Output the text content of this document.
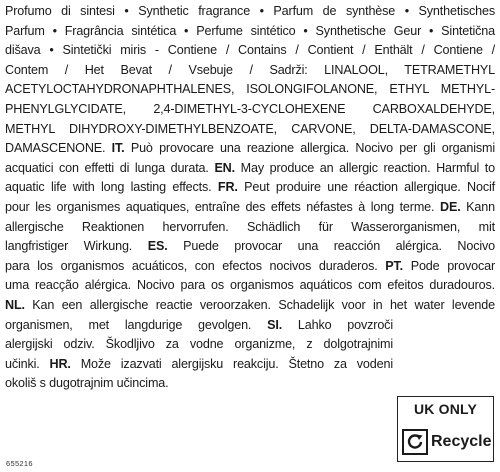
Profumo di sintesi • Synthetic fragrance • Parfum de synthèse • Synthetisches

Parfum • Fragrância sintética • Perfume sintético • Synthetische Geur • Sintetična

dišava • Sintetički miris - Contiene / Contains / Contient / Enthält / Contiene /

Contem / Het Bevat / Vsebuje / Sadrži: LINALOOL, TETRAMETHYL

ACETYLOCTAHYDRONAPHTHALENES, ISOLONGIFOLANONE, ETHYL METHYL-

PHENYLGLYCIDATE, 2,4-DIMETHYL-3-CYCLOHEXENE CARBOXALDEHYDE,

METHYL DIHYDROXY-DIMETHYLBENZOATE, CARVONE, DELTA-DAMASCONE,

DAMASCENONE. IT. Può provocare una reazione allergica. Nocivo per gli organismi

acquatici con effetti di lunga durata. EN. May produce an allergic reaction. Harmful to

aquatic life with long lasting effects. FR. Peut produire une réaction allergique. Nocif

pour les organismes aquatiques, entraîne des effets néfastes à long terme. DE. Kann

allergische Reaktionen hervorrufen. Schädlich für Wasserorganismen, mit

langfristiger Wirkung. ES. Puede provocar una reacción alérgica. Nocivo

para los organismos acuáticos, con efectos nocivos duraderos. PT. Pode provocar

uma reacção alérgica. Nocivo para os organismos aquáticos com efeitos duradouros.

NL. Kan een allergische reactie veroorzaken. Schadelijk voor in het water levende

organismen, met langdurige gevolgen. SI. Lahko povzroči

alergijski odziv. Škodljivo za vodne organizme, z dolgotrajnimi

učinki. HR. Može izazvati alergijsku reakciju. Štetno za vodeni

okoliš s dugotrajnim učincima.

UK ONLY
Recycle
655216
